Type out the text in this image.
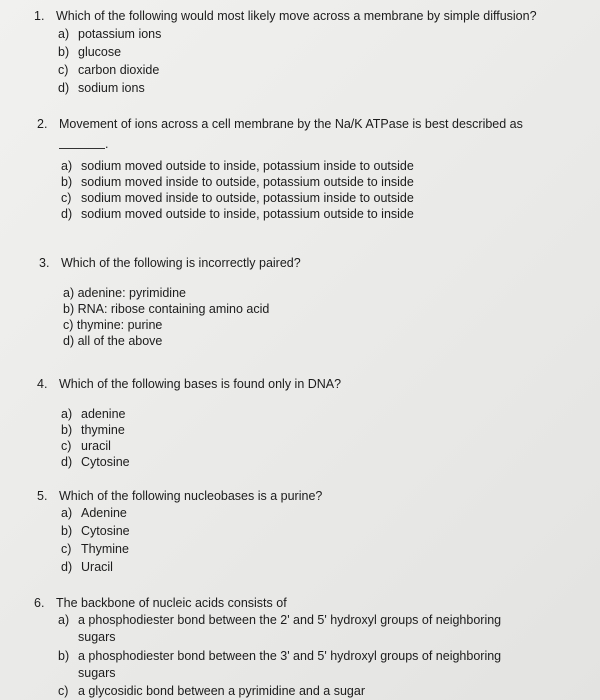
1. Which of the following would most likely move across a membrane by simple diffusion?
a) potassium ions
b) glucose
c) carbon dioxide
d) sodium ions
2. Movement of ions across a cell membrane by the Na/K ATPase is best described as
.
a) sodium moved outside to inside, potassium inside to outside
b) sodium moved inside to outside, potassium outside to inside
c) sodium moved inside to outside, potassium inside to outside
d) sodium moved outside to inside, potassium outside to inside
3. Which of the following is incorrectly paired?
a) adenine: pyrimidine
b) RNA: ribose containing amino acid
c) thymine: purine
d) all of the above
4. Which of the following bases is found only in DNA?
a) adenine
b) thymine
c) uracil
d) Cytosine
5. Which of the following nucleobases is a purine?
a) Adenine
b) Cytosine
c) Thymine
d) Uracil
6. The backbone of nucleic acids consists of
a) a phosphodiester bond between the 2' and 5' hydroxyl groups of neighboring sugars
b) a phosphodiester bond between the 3' and 5' hydroxyl groups of neighboring sugars
c) a glycosidic bond between a pyrimidine and a sugar
